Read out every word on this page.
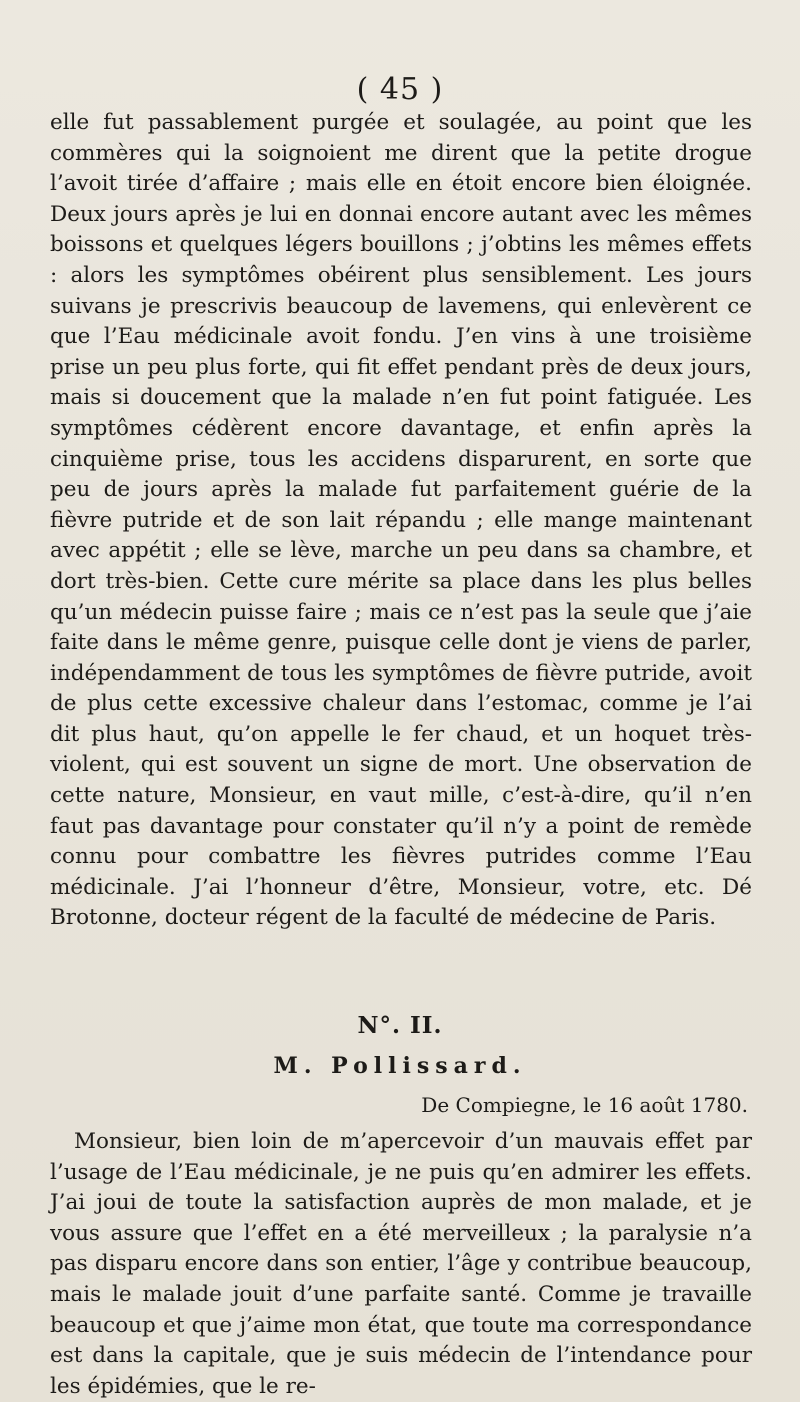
( 45 )

elle fut passablement purgée et soulagée, au point que les commères qui la soignoient me dirent que la petite drogue l’avoit tirée d’affaire ; mais elle en étoit encore bien éloignée. Deux jours après je lui en donnai encore autant avec les mêmes boissons et quelques légers bouillons ; j’obtins les mêmes effets : alors les symptômes obéirent plus sensiblement. Les jours suivans je prescrivis beaucoup de lavemens, qui enlevèrent ce que l’Eau médicinale avoit fondu. J’en vins à une troisième prise un peu plus forte, qui fit effet pendant près de deux jours, mais si doucement que la malade n’en fut point fatiguée. Les symptômes cédèrent encore davantage, et enfin après la cinquième prise, tous les accidens disparurent, en sorte que peu de jours après la malade fut parfaitement guérie de la fièvre putride et de son lait répandu ; elle mange maintenant avec appétit ; elle se lève, marche un peu dans sa chambre, et dort très-bien. Cette cure mérite sa place dans les plus belles qu’un médecin puisse faire ; mais ce n’est pas la seule que j’aie faite dans le même genre, puisque celle dont je viens de parler, indépendamment de tous les symptômes de fièvre putride, avoit de plus cette excessive chaleur dans l’estomac, comme je l’ai dit plus haut, qu’on appelle le fer chaud, et un hoquet très-violent, qui est souvent un signe de mort. Une observation de cette nature, Monsieur, en vaut mille, c’est-à-dire, qu’il n’en faut pas davantage pour constater qu’il n’y a point de remède connu pour combattre les fièvres putrides comme l’Eau médicinale. J’ai l’honneur d’être, Monsieur, votre, etc. Dé Brotonne, docteur régent de la faculté de médecine de Paris.

N°. II.
M. Pollissard.
De Compiegne, le 16 août 1780.

Monsieur, bien loin de m’apercevoir d’un mauvais effet par l’usage de l’Eau médicinale, je ne puis qu’en admirer les effets. J’ai joui de toute la satisfaction auprès de mon malade, et je vous assure que l’effet en a été merveilleux ; la paralysie n’a pas disparu encore dans son entier, l’âge y contribue beaucoup, mais le malade jouit d’une parfaite santé. Comme je travaille beaucoup et que j’aime mon état, que toute ma correspondance est dans la capitale, que je suis médecin de l’intendance pour les épidémies, que le re-
